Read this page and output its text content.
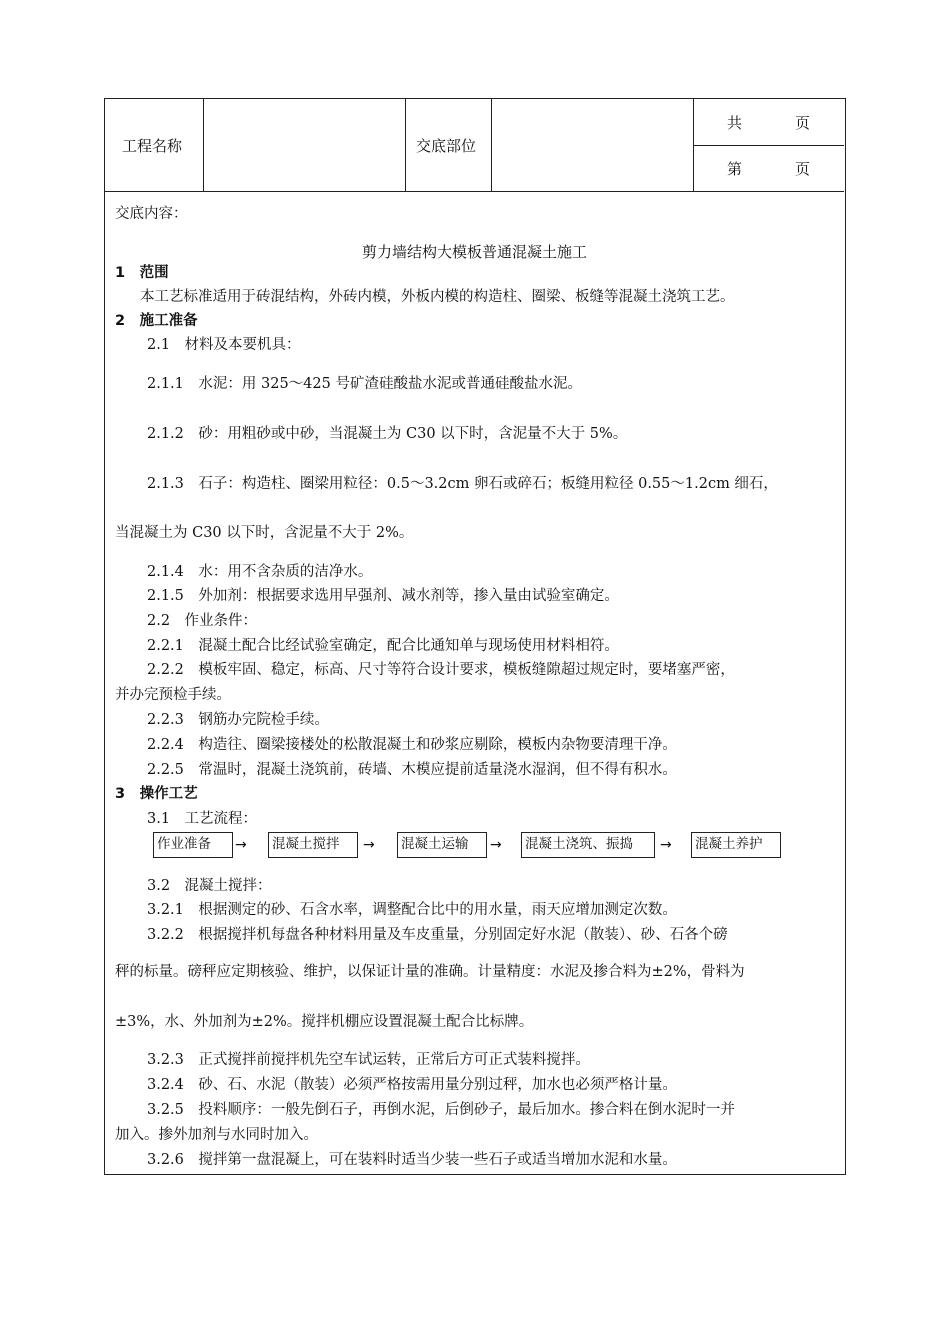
工程名称	交底部位
共	页
第	页
交底内容：
剪力墙结构大模板普通混凝土施工
1　范围
本工艺标准适用于砖混结构，外砖内模，外板内模的构造柱、圈梁、板缝等混凝土浇筑工艺。
2　施工准备
2.1　材料及本要机具：
2.1.1　水泥：用 325～425 号矿渣硅酸盐水泥或普通硅酸盐水泥。
2.1.2　砂：用粗砂或中砂，当混凝土为 C30 以下时，含泥量不大于 5%。
2.1.3　石子：构造柱、圈梁用粒径：0.5～3.2cm 卵石或碎石；板缝用粒径 0.55～1.2cm 细石，
当混凝土为 C30 以下时，含泥量不大于 2%。
2.1.4　水：用不含杂质的洁净水。
2.1.5　外加剂：根据要求选用早强剂、减水剂等，掺入量由试验室确定。
2.2　作业条件：
2.2.1　混凝土配合比经试验室确定，配合比通知单与现场使用材料相符。
2.2.2　模板牢固、稳定，标高、尺寸等符合设计要求，模板缝隙超过规定时，要堵塞严密，
并办完预检手续。
2.2.3　钢筋办完院检手续。
2.2.4　构造往、圈梁接楼处的松散混凝土和砂浆应剔除，模板内杂物要清理干净。
2.2.5　常温时，混凝土浇筑前，砖墙、木模应提前适量浇水湿润，但不得有积水。
3　操作工艺
3.1　工艺流程：
作业准备	→ 混凝土搅拌	→ 混凝土运输	→ 混凝土浇筑、振捣	→ 混凝土养护
3.2　混凝土搅拌：
3.2.1　根据测定的砂、石含水率，调整配合比中的用水量，雨天应增加测定次数。
3.2.2　根据搅拌机每盘各种材料用量及车皮重量，分别固定好水泥（散装）、砂、石各个磅
秤的标量。磅秤应定期核验、维护，以保证计量的准确。计量精度：水泥及掺合料为±2%，骨料为
±3%，水、外加剂为±2%。搅拌机棚应设置混凝土配合比标牌。
3.2.3　正式搅拌前搅拌机先空车试运转，正常后方可正式装料搅拌。
3.2.4　砂、石、水泥（散装）必须严格按需用量分别过秤，加水也必须严格计量。
3.2.5　投料顺序：一般先倒石子，再倒水泥，后倒砂子，最后加水。掺合料在倒水泥时一并
加入。掺外加剂与水同时加入。
3.2.6　搅拌第一盘混凝上，可在装料时适当少装一些石子或适当增加水泥和水量。
